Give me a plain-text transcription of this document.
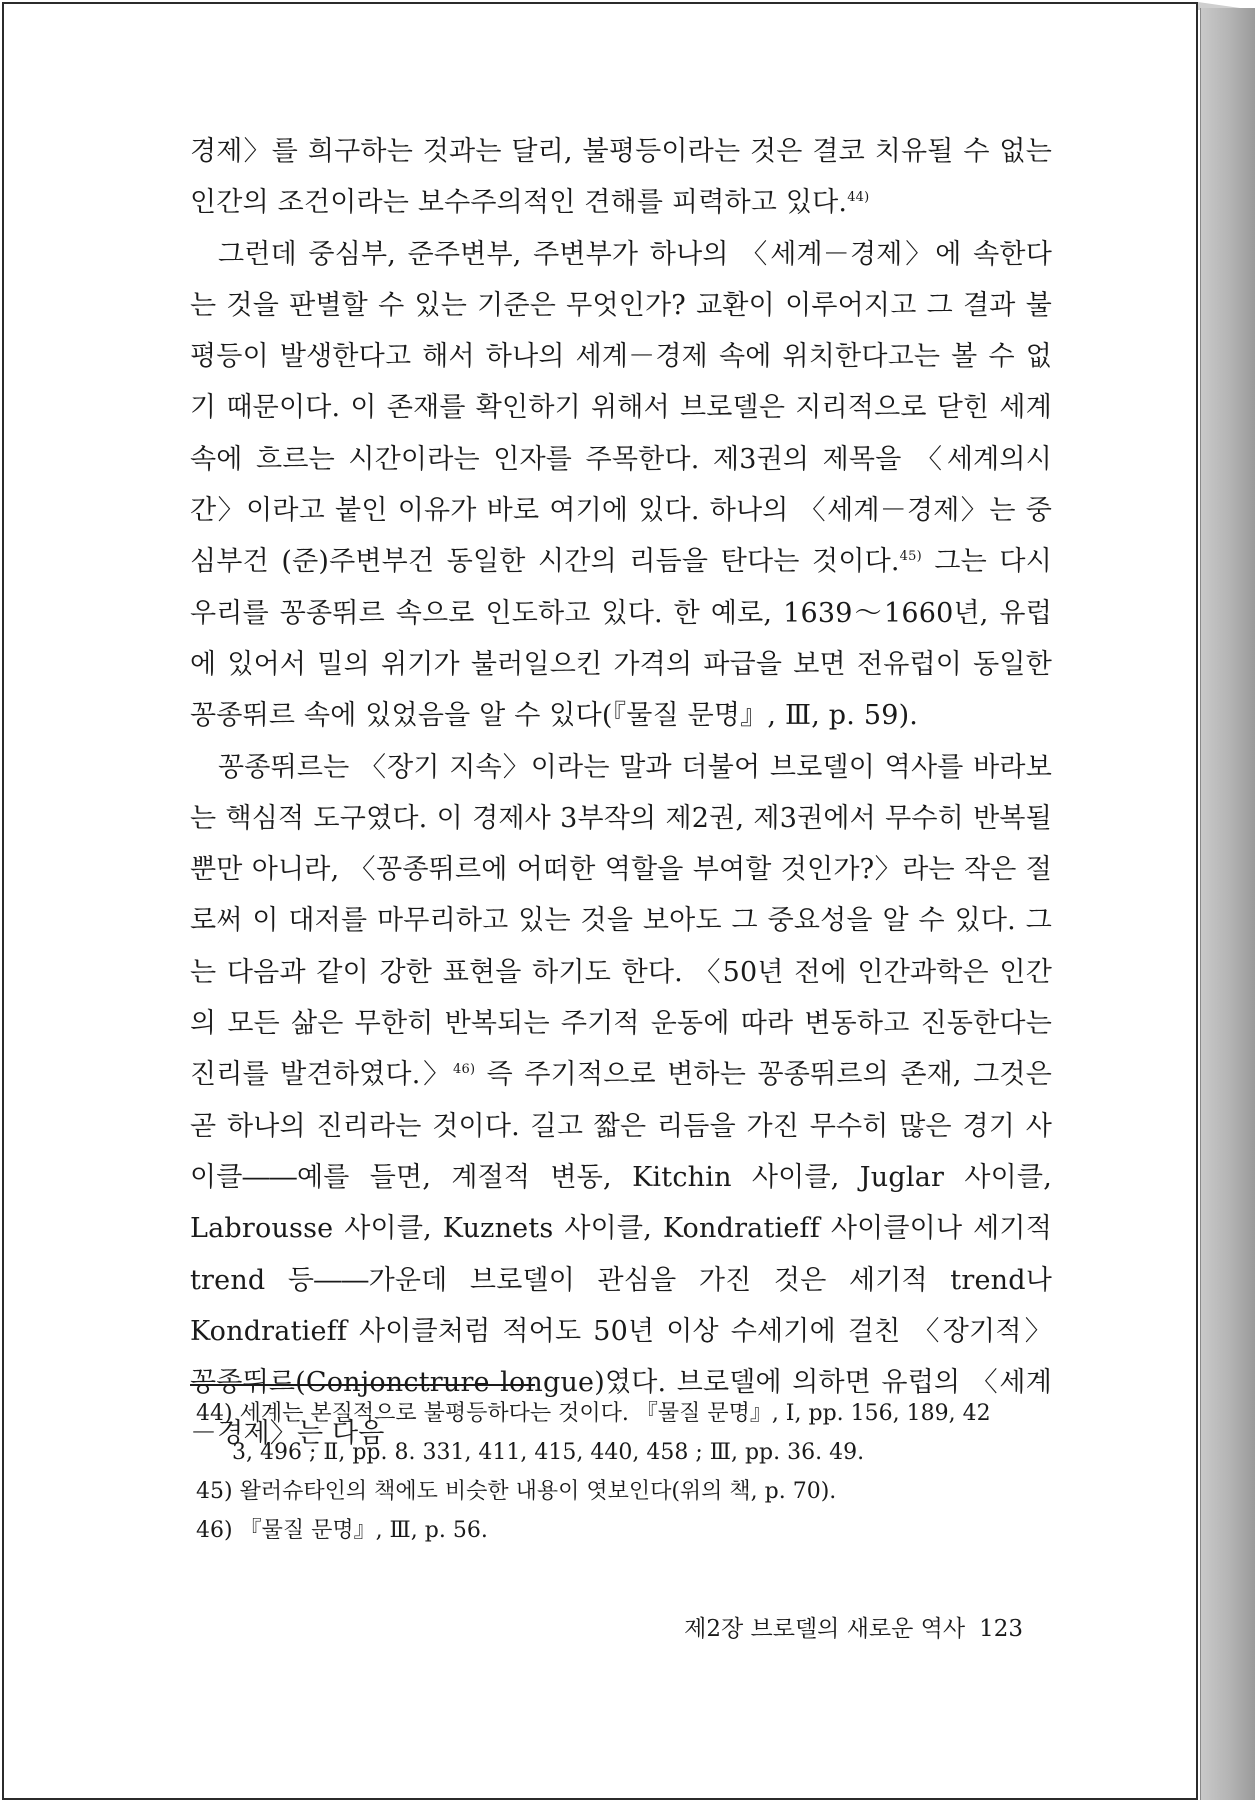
경제〉를 희구하는 것과는 달리, 불평등이라는 것은 결코 치유될 수 없는 인간의 조건이라는 보수주의적인 견해를 피력하고 있다.$^{44)}$

그런데 중심부, 준주변부, 주변부가 하나의 〈세계－경제〉에 속한다는 것을 판별할 수 있는 기준은 무엇인가? 교환이 이루어지고 그 결과 불평등이 발생한다고 해서 하나의 세계－경제 속에 위치한다고는 볼 수 없기 때문이다. 이 존재를 확인하기 위해서 브로델은 지리적으로 닫힌 세계 속에 흐르는 시간이라는 인자를 주목한다. 제3권의 제목을 〈세계의시간〉이라고 붙인 이유가 바로 여기에 있다. 하나의 〈세계－경제〉는 중심부건 (준)주변부건 동일한 시간의 리듬을 탄다는 것이다.$^{45)}$ 그는 다시 우리를 꽁종뛰르 속으로 인도하고 있다. 한 예로, 1639～1660년, 유럽에 있어서 밀의 위기가 불러일으킨 가격의 파급을 보면 전유럽이 동일한 꽁종뛰르 속에 있었음을 알 수 있다(『물질 문명』, Ⅲ, p. 59).

꽁종뛰르는 〈장기 지속〉이라는 말과 더불어 브로델이 역사를 바라보는 핵심적 도구였다. 이 경제사 3부작의 제2권, 제3권에서 무수히 반복될 뿐만 아니라, 〈꽁종뛰르에 어떠한 역할을 부여할 것인가?〉라는 작은 절로써 이 대저를 마무리하고 있는 것을 보아도 그 중요성을 알 수 있다. 그는 다음과 같이 강한 표현을 하기도 한다. 〈50년 전에 인간과학은 인간의 모든 삶은 무한히 반복되는 주기적 운동에 따라 변동하고 진동한다는 진리를 발견하였다.〉$^{46)}$ 즉 주기적으로 변하는 꽁종뛰르의 존재, 그것은 곧 하나의 진리라는 것이다. 길고 짧은 리듬을 가진 무수히 많은 경기 사이클――예를 들면, 계절적 변동, Kitchin 사이클, Juglar 사이클, Labrousse 사이클, Kuznets 사이클, Kondratieff 사이클이나 세기적 trend 등――가운데 브로델이 관심을 가진 것은 세기적 trend나 Kondratieff 사이클처럼 적어도 50년 이상 수세기에 걸친 〈장기적〉 꽁종뛰르(Conjonctrure longue)였다. 브로델에 의하면 유럽의 〈세계－경제〉는 다음

44) 세계는 본질적으로 불평등하다는 것이다. 『물질 문명』, Ⅰ, pp. 156, 189, 42

3, 496 ; Ⅱ, pp. 8. 331, 411, 415, 440, 458 ; Ⅲ, pp. 36. 49.

45) 왈러슈타인의 책에도 비슷한 내용이 엿보인다(위의 책, p. 70).

46) 『물질 문명』, Ⅲ, p. 56.

제2장 브로델의 새로운 역사 123
